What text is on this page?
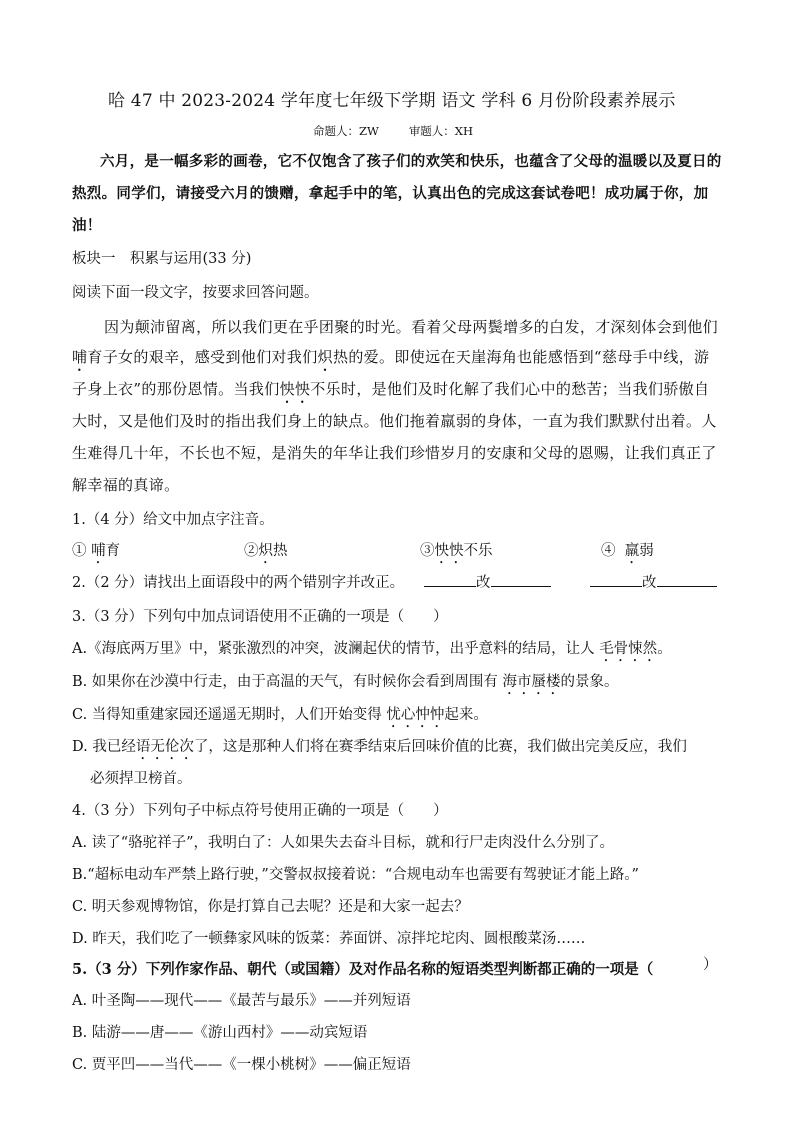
哈 47 中 2023-2024 学年度七年级下学期 语文 学科 6 月份阶段素养展示
命题人：ZW	审题人：XH
六月，是一幅多彩的画卷，它不仅饱含了孩子们的欢笑和快乐，也蕴含了父母的温暖以及夏日的
热烈。同学们，请接受六月的馈赠，拿起手中的笔，认真出色的完成这套试卷吧！成功属于你，加
油！
板块一　积累与运用(33 分)
阅读下面一段文字，按要求回答问题。
因为颠沛留离，所以我们更在乎团聚的时光。看着父母两鬓增多的白发，才深刻体会到他们
哺育子女的艰辛，感受到他们对我们炽热的爱。即使远在天崖海角也能感悟到“慈母手中线，游
子身上衣”的那份恩情。当我们怏怏不乐时，是他们及时化解了我们心中的愁苦；当我们骄傲自
大时，又是他们及时的指出我们身上的缺点。他们拖着羸弱的身体，一直为我们默默付出着。人
生难得几十年，不长也不短，是消失的年华让我们珍惜岁月的安康和父母的恩赐，让我们真正了
解幸福的真谛。
1.（4 分）给文中加点字注音。
① 哺育	②炽热	③怏怏不乐	④ 羸弱
2.（2 分）请找出上面语段中的两个错别字并改正。	改	改
3.（3 分）下列句中加点词语使用不正确的一项是（　　）
A.《海底两万里》中，紧张激烈的冲突，波澜起伏的情节，出乎意料的结局，让人 毛骨悚然。
B. 如果你在沙漠中行走，由于高温的天气，有时候你会看到周围有 海市蜃楼的景象。
C. 当得知重建家园还遥遥无期时，人们开始变得 忧心忡忡起来。
D. 我已经语无伦次了，这是那种人们将在赛季结束后回味价值的比赛，我们做出完美反应，我们
必须捍卫榜首。
4.（3 分）下列句子中标点符号使用正确的一项是（　　）
A. 读了“骆驼祥子”，我明白了：人如果失去奋斗目标，就和行尸走肉没什么分别了。
B.“超标电动车严禁上路行驶，”交警叔叔接着说：“合规电动车也需要有驾驶证才能上路。”
C. 明天参观博物馆，你是打算自己去呢？还是和大家一起去？
D. 昨天，我们吃了一顿彝家风味的饭菜：荞面饼、凉拌坨坨肉、圆根酸菜汤……
5.（3 分）下列作家作品、朝代（或国籍）及对作品名称的短语类型判断都正确的一项是（	）
A. 叶圣陶——现代——《最苦与最乐》——并列短语
B. 陆游——唐——《游山西村》——动宾短语
C. 贾平凹——当代——《一棵小桃树》——偏正短语
